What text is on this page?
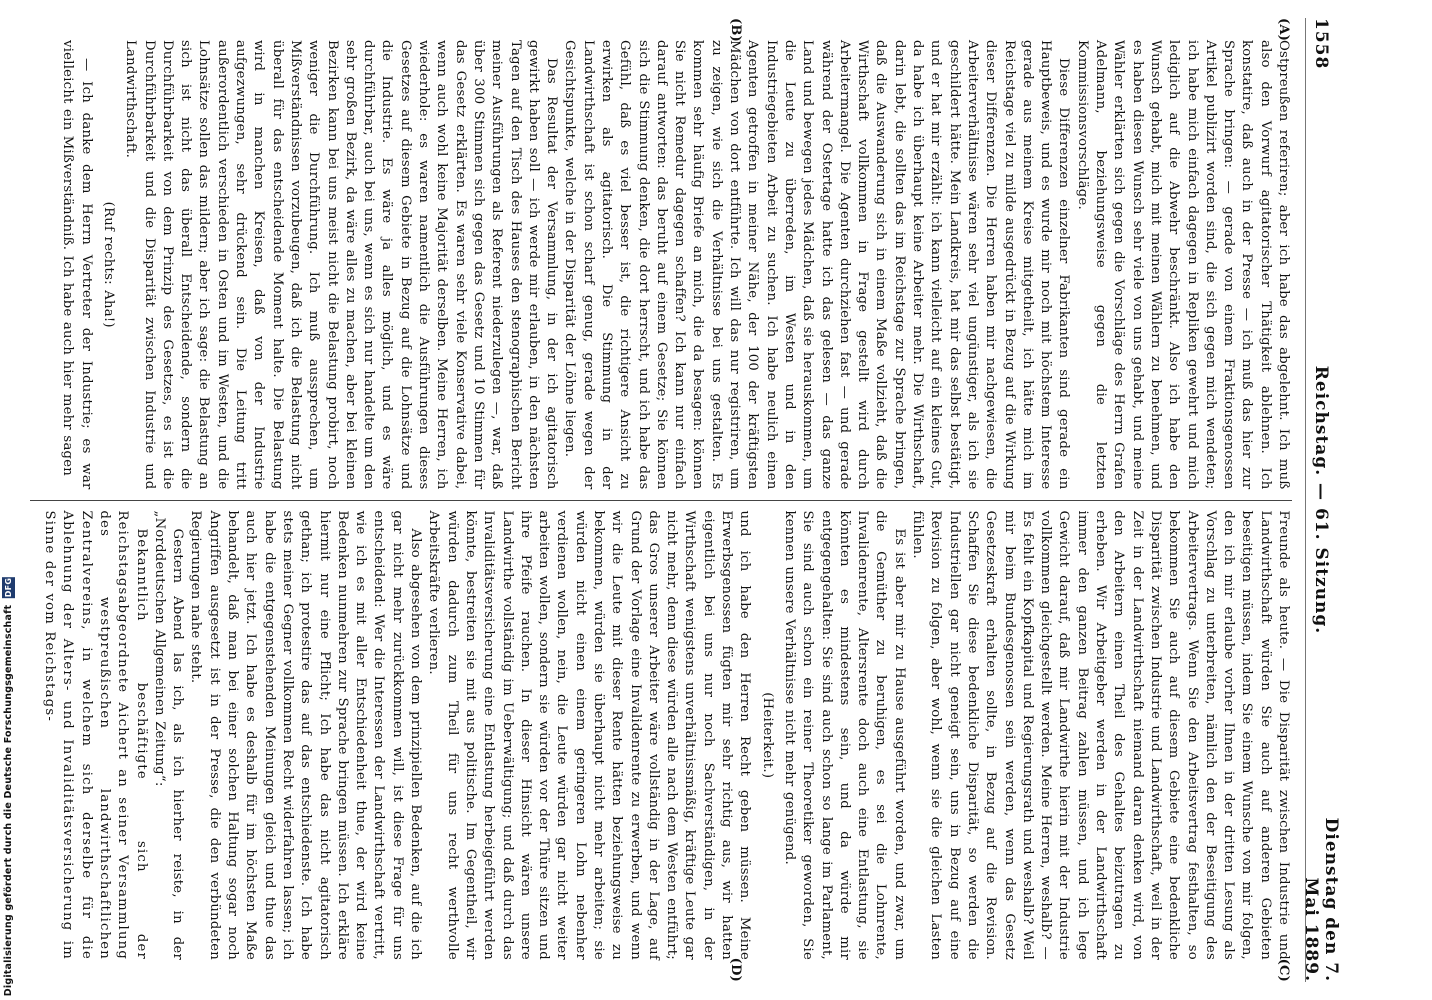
Digitalisierung gefördert durch die Deutsche Forschungsgemeinschaft DFG
1558
Reichstag. — 61. Sitzung.
Dienstag den 7. Mai 1889.
(A)
(B)

Ostpreußen referiren; aber ich habe das abgelehnt. Ich muß also den Vorwurf agitatorischer Thätigkeit ablehnen. Ich konstatire, daß auch in der Presse — ich muß das hier zur Sprache bringen: — gerade von einem Fraktionsgenossen Artikel publizirt worden sind, die sich gegen mich wendeten; ich habe mich einfach dagegen in Repliken gewehrt und mich lediglich auf die Abwehr beschränkt. Also ich habe den Wunsch gehabt, mich mit meinen Wählern zu benehmen, und es haben diesen Wunsch sehr viele von uns gehabt, und meine Wähler erklärten sich gegen die Vorschläge des Herrn Grafen Adelmann, beziehungsweise gegen die letzten Kommissionsvorschläge.

Diese Differenzen einzelner Fabrikanten sind gerade ein Hauptbeweis, und es wurde mir noch mit höchstem Interesse gerade aus meinem Kreise mitgetheilt, ich hätte mich im Reichstage viel zu milde ausgedrückt in Bezug auf die Wirkung dieser Differenzen. Die Herren haben mir nachgewiesen, die Arbeiterverhältnisse wären sehr viel ungünstiger, als ich sie geschildert hätte. Mein Landkreis, hat mir das selbst bestätigt, und er hat mir erzählt: ich kann vielleicht auf ein kleines Gut, da habe ich überhaupt keine Arbeiter mehr. Die Wirthschaft, darin lebt, die sollten das im Reichstage zur Sprache bringen, daß die Auswanderung sich in einem Maße vollzieht, daß die Wirthschaft vollkommen in Frage gestellt wird durch Arbeitermangel. Die Agenten durchziehen fast — und gerade während der Ostertage hatte ich das gelesen — das ganze Land und bewegen jedes Mädchen, daß sie herauskommen, um die Leute zu überreden, im Westen und in den Industriegebieten Arbeit zu suchen. Ich habe neulich einen Agenten getroffen in meiner Nähe, der 100 der kräftigsten Mädchen von dort entführte. Ich will das nur registriren, um zu zeigen, wie sich die Verhältnisse bei uns gestalten. Es kommen sehr häufig Briefe an mich, die da besagen: können Sie nicht Remedur dagegen schaffen? Ich kann nur einfach darauf antworten: das beruht auf einem Gesetze; Sie können sich die Stimmung denken, die dort herrscht, und ich habe das Gefühl, daß es viel besser ist, die richtigere Ansicht zu erwirken als agitatorisch. Die Stimmung in der Landwirthschaft ist schon scharf genug, gerade wegen der Gesichtspunkte, welche in der Disparität der Löhne liegen.

Das Resultat der Versammlung, in der ich agitatorisch gewirkt haben soll — ich werde mir erlauben, in den nächsten Tagen auf den Tisch des Hauses den stenographischen Bericht meiner Ausführungen als Referent niederzulegen —, war, daß über 300 Stimmen sich gegen das Gesetz und 10 Stimmen für das Gesetz erklärten. Es waren sehr viele Konservative dabei, wenn auch wohl keine Majorität derselben. Meine Herren, ich wiederhole: es waren namentlich die Ausführungen dieses Gesetzes auf diesem Gebiete in Bezug auf die Lohnsätze und die Industrie. Es wäre ja alles möglich, und es wäre durchführbar, auch bei uns, wenn es sich nur handelte um den sehr großen Bezirk, da wäre alles zu machen, aber bei kleinen Bezirken kann bei uns meist nicht die Belastung probirt, noch weniger die Durchführung. Ich muß aussprechen, um Mißverständnissen vorzubeugen, daß ich die Belastung nicht überall für das entscheidende Moment halte. Die Belastung wird in manchen Kreisen, daß von der Industrie aufgezwungen, sehr drückend sein. Die Leitung tritt außerordentlich verschieden in Osten und im Westen, und die Lohnsätze sollen das mildern; aber ich sage: die Belastung an sich ist nicht das überall Entscheidende, sondern die Durchführbarkeit von dem Prinzip des Gesetzes, es ist die Durchführbarkeit und die Disparität zwischen Industrie und Landwirthschaft.

(Ruf rechts: Aha!)

— Ich danke dem Herrn Vertreter der Industrie; es war vielleicht ein Mißverständniß. Ich habe auch hier mehr sagen

(C)
(D)

Freunde als heute. — Die Disparität zwischen Industrie und Landwirthschaft würden Sie auch auf anderen Gebieten beseitigen müssen, indem Sie einem Wunsche von mir folgen, den ich mir erlaube vorher Ihnen in der dritten Lesung als Vorschlag zu unterbreiten, nämlich den der Beseitigung des Arbeitervertrags. Wenn Sie den Arbeitsvertrag festhalten, so bekommen Sie auch auf diesem Gebiete eine bedenkliche Disparität zwischen Industrie und Landwirthschaft, weil in der Zeit in der Landwirthschaft niemand daran denken wird, von den Arbeitern einen Theil des Gehaltes beizutragen zu erheben. Wir Arbeitgeber werden in der Landwirthschaft immer den ganzen Beitrag zahlen müssen, und ich lege Gewicht darauf, daß mir Landwirthe hierin mit der Industrie vollkommen gleichgestellt werden. Meine Herren, weshalb? — Es fehlt ein Kopfkapital und Regierungsrath und weshalb? Weil mir beim Bundesgenossen sein werden, wenn das Gesetz Gesetzeskraft erhalten sollte, in Bezug auf die Revision. Schaffen Sie diese bedenkliche Disparität, so werden die Industriellen gar nicht geneigt sein, uns in Bezug auf eine Revision zu folgen, aber wohl, wenn sie die gleichen Lasten fühlen.

Es ist aber mir zu Hause ausgeführt worden, und zwar, um die Gemüther zu beruhigen, es sei die Lohnrente, Invalidenrente, Altersrente doch auch eine Entlastung, sie könnten es mindestens sein, und da würde mir entgegengehalten: Sie sind auch schon so lange im Parlament, Sie sind auch schon ein reiner Theoretiker geworden, Sie kennen unsere Verhältnisse nicht mehr genügend.

(Heiterkeit.)

und ich habe den Herren Recht geben müssen. Meine Erwerbsgenossen fügten mir sehr richtig aus, wir hatten eigentlich bei uns nur noch Sachverständigen, in der Wirthschaft wenigstens unverhältnissmäßig, kräftige Leute gar nicht mehr, denn diese würden alle nach dem Westen entführt; das Gros unserer Arbeiter wäre vollständig in der Lage, auf Grund der Vorlage eine Invalidenrente zu erwerben, und wenn wir die Leute mit dieser Rente hätten beziehungsweise zu bekommen, würden sie überhaupt nicht mehr arbeiten; sie würden nicht einen einem geringeren Lohn nebenher verdienen wollen, nein, die Leute würden gar nicht weiter arbeiten wollen, sondern sie würden vor der Thüre sitzen und ihre Pfeife rauchen. In dieser Hinsicht wären unsere Landwirthe vollständig im Ueberwältigung; und daß durch das Invaliditätsversicherung eine Entlastung herbeigeführt werden könnte, bestreiten sie mit aus politische. Im Gegentheil, wir würden dadurch zum Theil für uns recht werthvolle Arbeitskräfte verlieren.

Also abgesehen von dem prinzipiellen Bedenken, auf die ich gar nicht mehr zurückkommen will, ist diese Frage für uns entscheidend: Wer die Interessen der Landwirthschaft vertritt, wie ich es mit aller Entschiedenheit thue, der wird keine Bedenken nunmehren zur Sprache bringen müssen. Ich erkläre hiermit nur eine Pflicht; Ich habe das nicht agitatorisch gethan; ich protestire das auf das entschiedenste. Ich habe stets meiner Gegner vollkommen Recht widerfahren lassen; ich habe die entgegenstehenden Meinungen gleich und thue das auch hier jetzt. Ich habe es deshalb für im höchsten Maße behandelt, daß man bei einer solchen Haltung sogar noch Angriffen ausgesetzt ist in der Presse, die den verbündeten Regierungen nahe steht.

Gestern Abend las ich, als ich hierher reiste, in der „Norddeutschen Allgemeinen Zeitung“:

Bekanntlich beschäftigte sich der Reichstagsabgeordnete Aichert an seiner Versammlung des westpreußischen landwirthschaftlichen Zentralvereins, in welchem sich derselbe für die Ablehnung der Alters- und Invaliditätsversicherung im Sinne der vom Reichstags-
